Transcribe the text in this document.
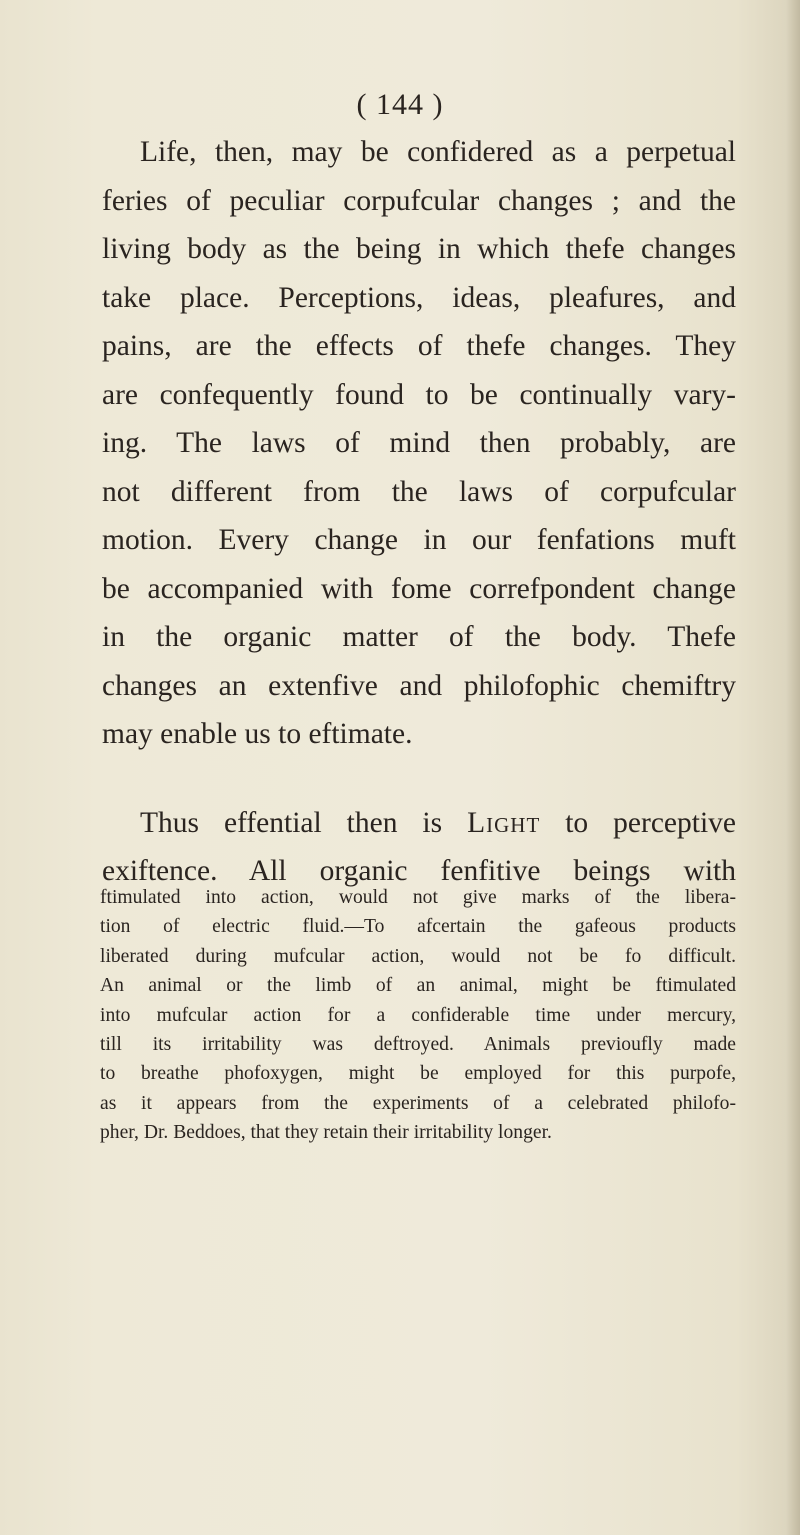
( 144 )

Life, then, may be confidered as a perpetual
feries of peculiar corpufcular changes ; and the
living body as the being in which thefe changes
take place. Perceptions, ideas, pleafures, and
pains, are the effects of thefe changes. They
are confequently found to be continually vary-
ing. The laws of mind then probably, are
not different from the laws of corpufcular
motion. Every change in our fenfations muft
be accompanied with fome correfpondent change
in the organic matter of the body. Thefe
changes an extenfive and philofophic chemiftry
may enable us to eftimate.

Thus effential then is Light to perceptive
exiftence. All organic fenfitive beings with

ftimulated into action, would not give marks of the libera-
tion of electric fluid.—To afcertain the gafeous products
liberated during mufcular action, would not be fo difficult.
An animal or the limb of an animal, might be ftimulated
into mufcular action for a confiderable time under mercury,
till its irritability was deftroyed. Animals previoufly made
to breathe phofoxygen, might be employed for this purpofe,
as it appears from the experiments of a celebrated philofo-
pher, Dr. Beddoes, that they retain their irritability longer.
